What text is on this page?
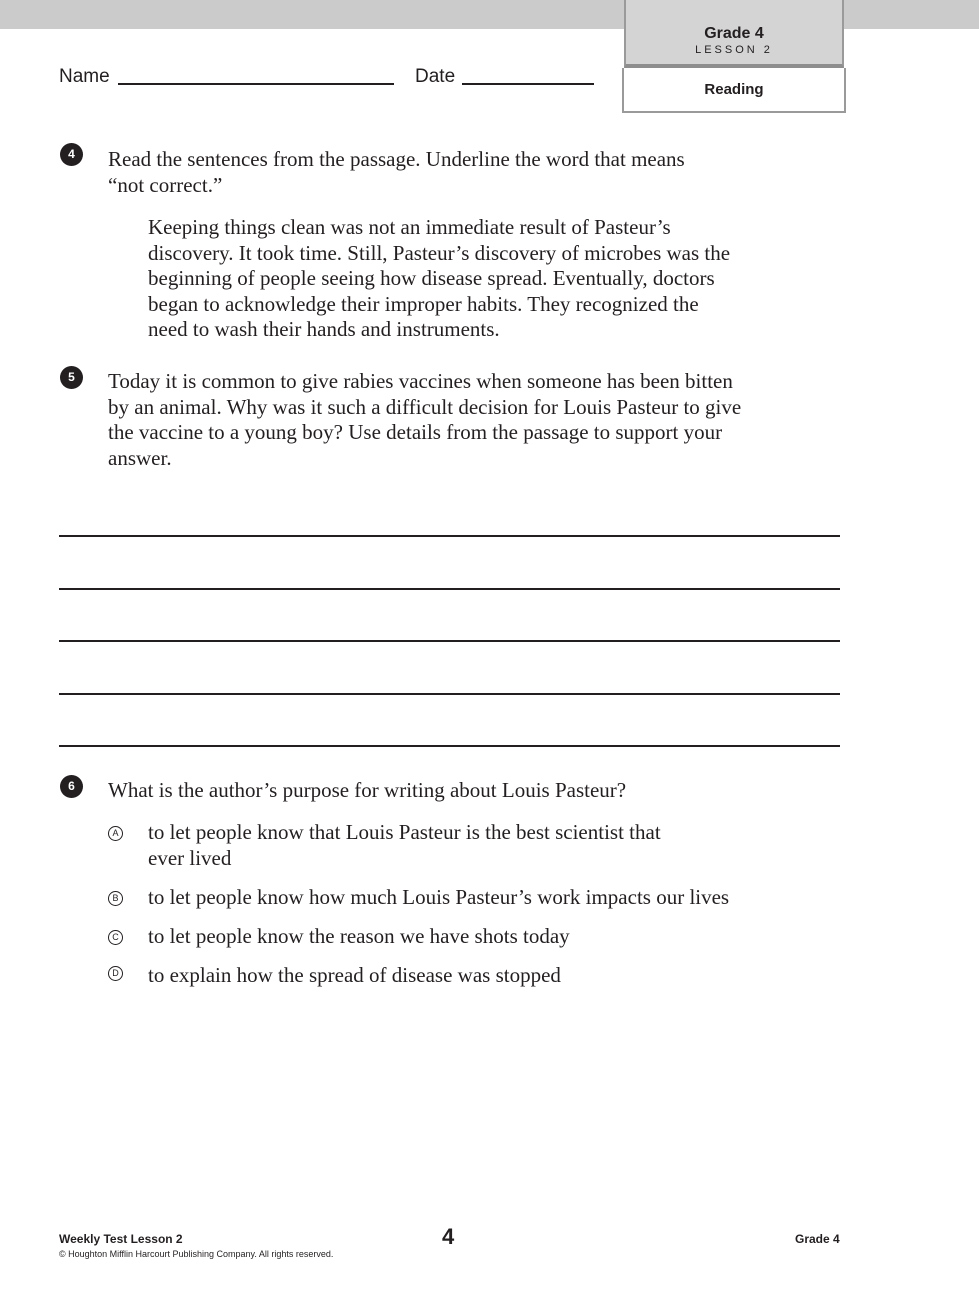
Grade 4
LESSON 2
Reading
Name	Date
4	Read the sentences from the passage. Underline the word that means
“not correct.”
Keeping things clean was not an immediate result of Pasteur’s
discovery. It took time. Still, Pasteur’s discovery of microbes was the
beginning of people seeing how disease spread. Eventually, doctors
began to acknowledge their improper habits. They recognized the
need to wash their hands and instruments.
5	Today it is common to give rabies vaccines when someone has been bitten
by an animal. Why was it such a difficult decision for Louis Pasteur to give
the vaccine to a young boy? Use details from the passage to support your
answer.
6	What is the author’s purpose for writing about Louis Pasteur?
A to let people know that Louis Pasteur is the best scientist that
ever lived
B to let people know how much Louis Pasteur’s work impacts our lives
C to let people know the reason we have shots today
D to explain how the spread of disease was stopped
Weekly Test Lesson 2
© Houghton Mifflin Harcourt Publishing Company. All rights reserved.
4	Grade 4
